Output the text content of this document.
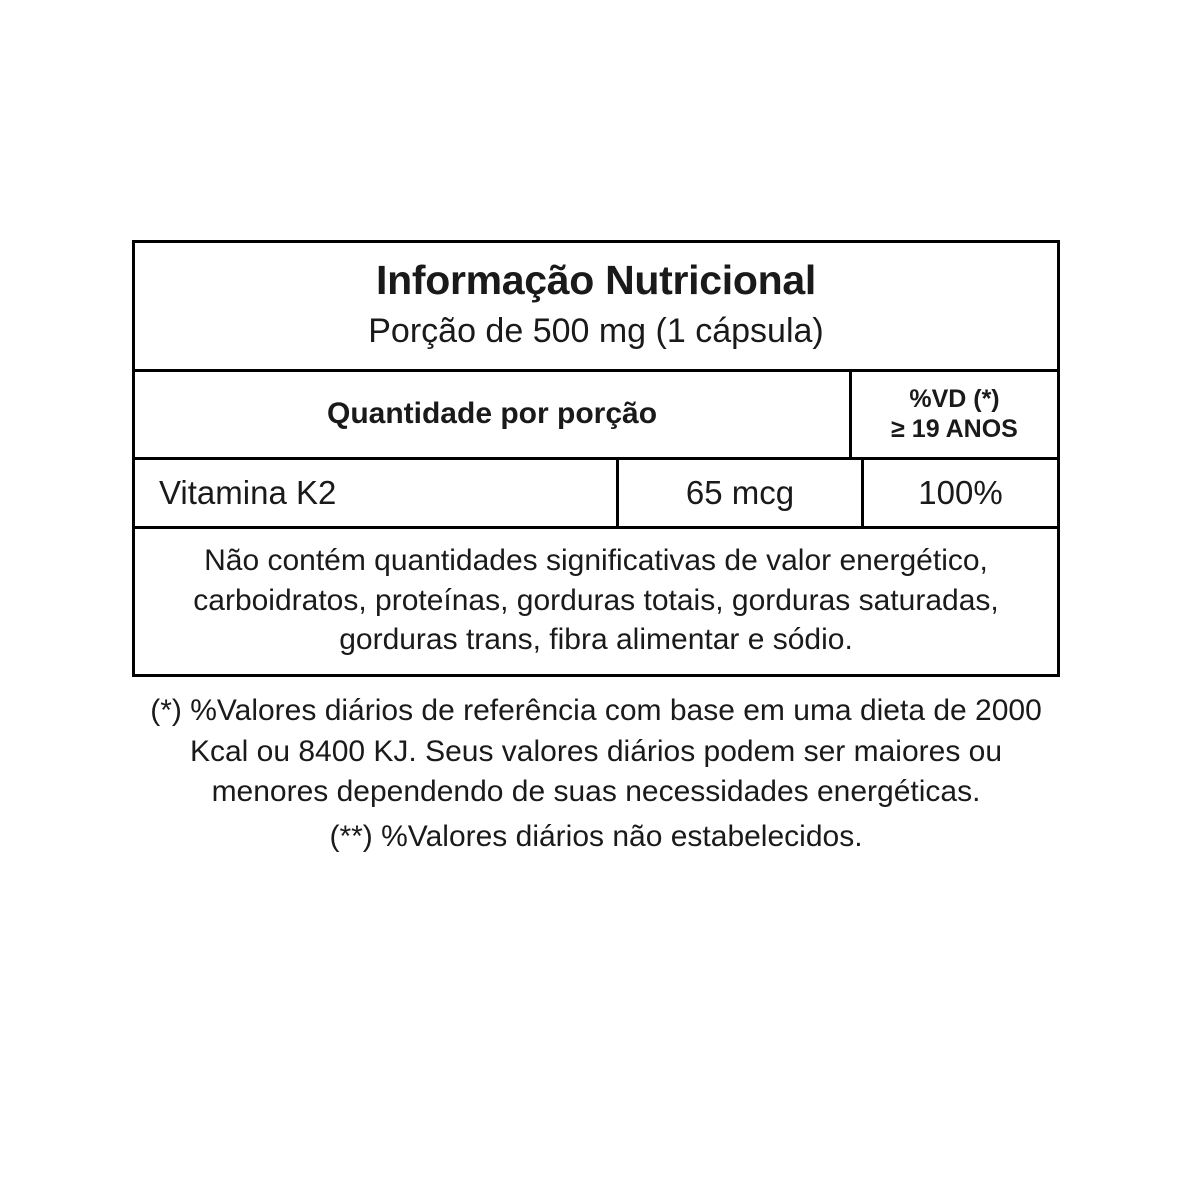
Informação Nutricional
Porção de 500 mg (1 cápsula)
Quantidade por porção	%VD (*)
≥ 19 ANOS
Vitamina K2	65 mcg	100%
Não contém quantidades significativas de valor energético, carboidratos, proteínas, gorduras totais, gorduras saturadas, gorduras trans, fibra alimentar e sódio.
(*) %Valores diários de referência com base em uma dieta de 2000 Kcal ou 8400 KJ. Seus valores diários podem ser maiores ou menores dependendo de suas necessidades energéticas.
(**) %Valores diários não estabelecidos.
